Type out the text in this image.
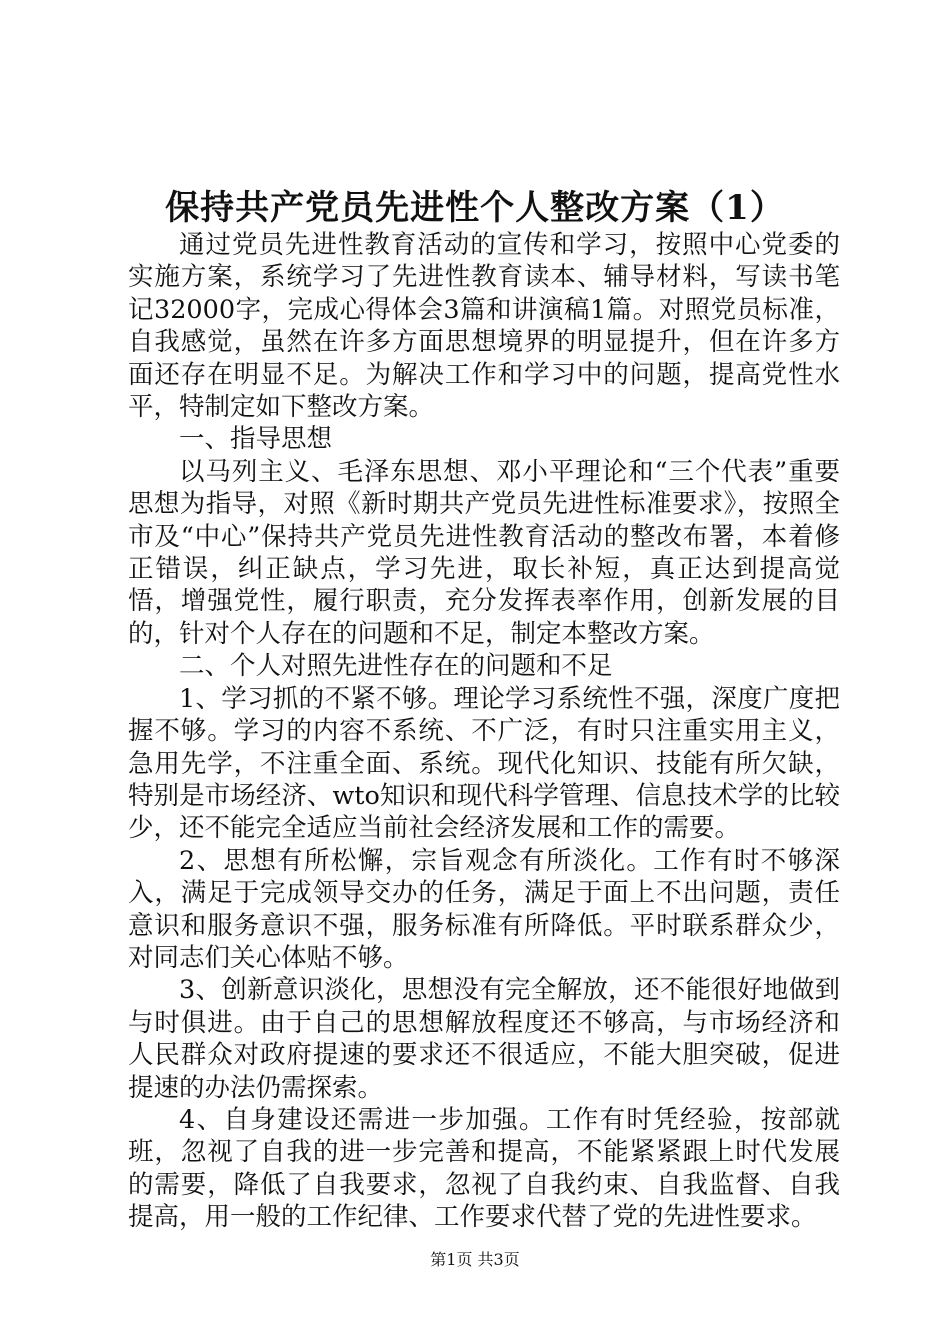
保持共产党员先进性个人整改方案（1）

通过党员先进性教育活动的宣传和学习，按照中心党委的实施方案，系统学习了先进性教育读本、辅导材料，写读书笔记32000字，完成心得体会3篇和讲演稿1篇。对照党员标准，自我感觉，虽然在许多方面思想境界的明显提升，但在许多方面还存在明显不足。为解决工作和学习中的问题，提高党性水平，特制定如下整改方案。

一、指导思想

以马列主义、毛泽东思想、邓小平理论和“三个代表”重要思想为指导，对照《新时期共产党员先进性标准要求》，按照全市及“中心”保持共产党员先进性教育活动的整改布署，本着修正错误，纠正缺点，学习先进，取长补短，真正达到提高觉悟，增强党性，履行职责，充分发挥表率作用，创新发展的目的，针对个人存在的问题和不足，制定本整改方案。

二、个人对照先进性存在的问题和不足

1、学习抓的不紧不够。理论学习系统性不强，深度广度把握不够。学习的内容不系统、不广泛，有时只注重实用主义，急用先学，不注重全面、系统。现代化知识、技能有所欠缺，特别是市场经济、wto知识和现代科学管理、信息技术学的比较少，还不能完全适应当前社会经济发展和工作的需要。

2、思想有所松懈，宗旨观念有所淡化。工作有时不够深入，满足于完成领导交办的任务，满足于面上不出问题，责任意识和服务意识不强，服务标准有所降低。平时联系群众少，对同志们关心体贴不够。

3、创新意识淡化，思想没有完全解放，还不能很好地做到与时俱进。由于自己的思想解放程度还不够高，与市场经济和人民群众对政府提速的要求还不很适应，不能大胆突破，促进提速的办法仍需探索。

4、自身建设还需进一步加强。工作有时凭经验，按部就班，忽视了自我的进一步完善和提高，不能紧紧跟上时代发展的需要，降低了自我要求，忽视了自我约束、自我监督、自我提高，用一般的工作纪律、工作要求代替了党的先进性要求。

第1页 共3页
